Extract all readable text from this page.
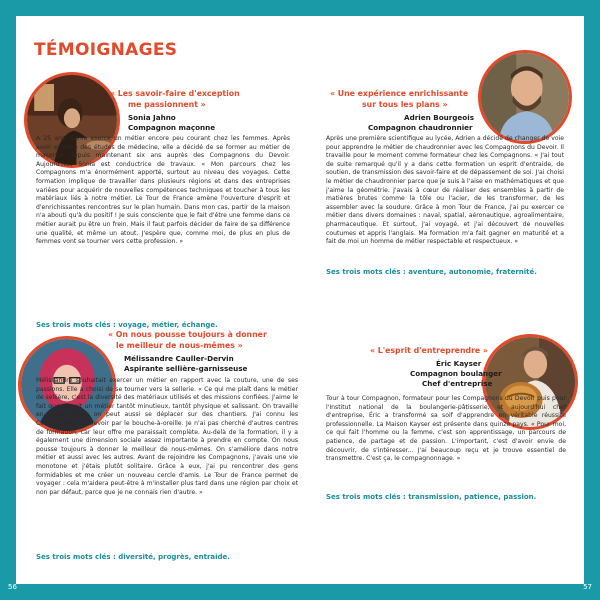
56	57
TÉMOIGNAGES
« Les savoir-faire d'exception
me passionnent »
Sonia Jahno
Compagnon maçonne
À 25 ans, Sonia exerce un métier encore peu courant chez les femmes. Après avoir entamé des études de médecine, elle a décidé de se former au métier de maçonne depuis maintenant six ans auprès des Compagnons du Devoir. Aujourd'hui, Sonia est conductrice de travaux. « Mon parcours chez les Compagnons m'a énormément apporté, surtout au niveau des voyages. Cette formation implique de travailler dans plusieurs régions et dans des entreprises variées pour acquérir de nouvelles compétences techniques et toucher à tous les matériaux liés à notre métier. Le Tour de France amène l'ouverture d'esprit et d'enrichissantes rencontres sur le plan humain. Dans mon cas, partir de la maison n'a abouti qu'à du positif ! Je suis consciente que le fait d'être une femme dans ce métier aurait pu être un frein. Mais il faut parfois décider de faire de sa différence une qualité, et même un atout. J'espère que, comme moi, de plus en plus de femmes vont se tourner vers cette profession. »
Ses trois mots clés : voyage, métier, échange.
« Une expérience enrichissante
sur tous les plans »
Adrien Bourgeois
Compagnon chaudronnier
Après une première scientifique au lycée, Adrien a décidé de changer de voie pour apprendre le métier de chaudronnier avec les Compagnons du Devoir. Il travaille pour le moment comme formateur chez les Compagnons. « J'ai tout de suite remarqué qu'il y a dans cette formation un esprit d'entraide, de soutien, de transmission des savoir-faire et de dépassement de soi. J'ai choisi le métier de chaudronnier parce que je suis à l'aise en mathématiques et que j'aime la géométrie. J'avais à cœur de réaliser des ensembles à partir de matières brutes comme la tôle ou l'acier, de les transformer, de les assembler avec la soudure. Grâce à mon Tour de France, j'ai pu exercer ce métier dans divers domaines : naval, spatial, aéronautique, agroalimentaire, pharmaceutique. Et surtout, j'ai voyagé, et j'ai découvert de nouvelles coutumes et appris l'anglais. Ma formation m'a fait gagner en maturité et a fait de moi un homme de métier respectable et respectueux. »
Ses trois mots clés : aventure, autonomie, fraternité.
« On nous pousse toujours à donner
le meilleur de nous-mêmes »
Mélissandre Cauller-Dervin
Aspirante sellière-garnisseuse
Mélissandre souhaitait exercer un métier en rapport avec la couture, une de ses passions. Elle a choisi de se tourner vers la sellerie. « Ce qui me plaît dans le métier de sellière, c'est la diversité des matériaux utilisés et des missions confiées. J'aime le fait que ce soit un métier tantôt minutieux, tantôt physique et salissant. On travaille en atelier, mais on peut aussi se déplacer sur des chantiers. J'ai connu les Compagnons du Devoir par le bouche-à-oreille. Je n'ai pas cherché d'autres centres de formation, car leur offre me paraissait complète. Au-delà de la formation, il y a également une dimension sociale assez importante à prendre en compte. On nous pousse toujours à donner le meilleur de nous-mêmes. On s'améliore dans notre métier et aussi avec les autres. Avant de rejoindre les Compagnons, j'avais une vie monotone et j'étais plutôt solitaire. Grâce à eux, j'ai pu rencontrer des gens formidables et me créer un nouveau cercle d'amis. Le Tour de France permet de voyager : cela m'aidera peut-être à m'installer plus tard dans une région par choix et non par défaut, parce que je ne connais rien d'autre. »
Ses trois mots clés : diversité, progrès, entraide.
« L'esprit d'entreprendre »
Éric Kayser
Compagnon boulanger
Chef d'entreprise
Tour à tour Compagnon, formateur pour les Compagnons du Devoir puis pour l'Institut national de la boulangerie-pâtisserie, et aujourd'hui chef d'entreprise, Éric a transformé sa soif d'apprendre en véritable réussite professionnelle. La Maison Kayser est présente dans quinze pays. « Pour moi, ce qui fait l'homme ou la femme, c'est son apprentissage, un parcours de patience, de partage et de passion. L'important, c'est d'avoir envie de découvrir, de s'intéresser... J'ai beaucoup reçu et je trouve essentiel de transmettre. C'est ça, le compagnonnage. »
Ses trois mots clés : transmission, patience, passion.
